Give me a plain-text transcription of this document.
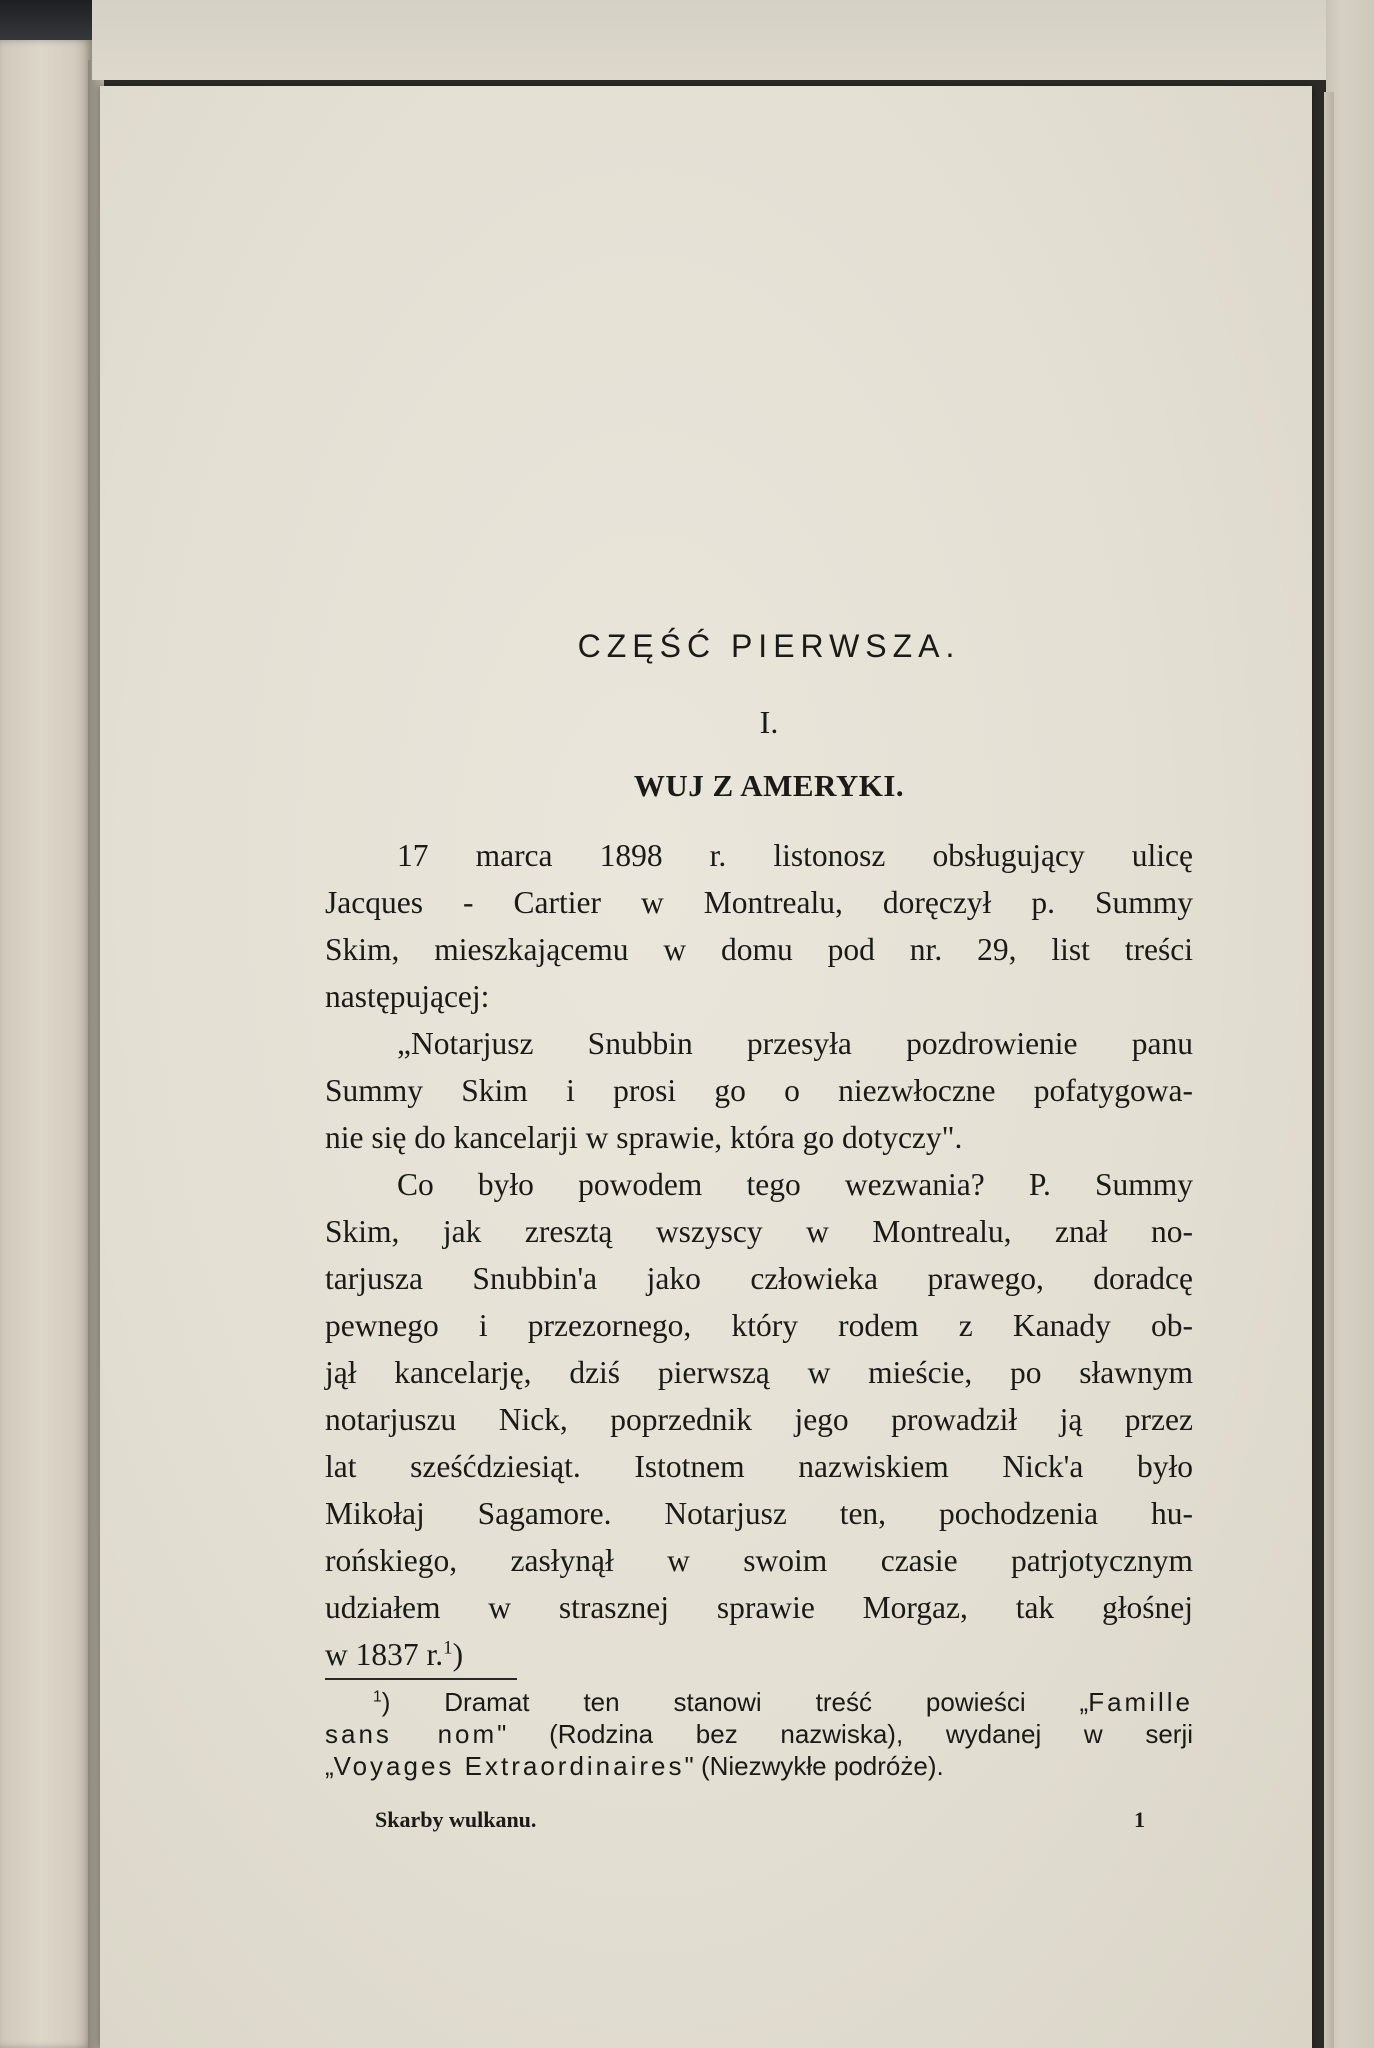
CZĘŚĆ PIERWSZA.
I.
WUJ Z AMERYKI.

17 marca 1898 r. listonosz obsługujący ulicę
Jacques - Cartier w Montrealu, doręczył p. Summy
Skim, mieszkającemu w domu pod nr. 29, list treści
następującej:

„Notarjusz Snubbin przesyła pozdrowienie panu
Summy Skim i prosi go o niezwłoczne pofatygowa-
nie się do kancelarji w sprawie, która go dotyczy".

Co było powodem tego wezwania? P. Summy
Skim, jak zresztą wszyscy w Montrealu, znał no-
tarjusza Snubbin'a jako człowieka prawego, doradcę
pewnego i przezornego, który rodem z Kanady ob-
jął kancelarję, dziś pierwszą w mieście, po sławnym
notarjuszu Nick, poprzednik jego prowadził ją przez
lat sześćdziesiąt. Istotnem nazwiskiem Nick'a było
Mikołaj Sagamore. Notarjusz ten, pochodzenia hu-
rońskiego, zasłynął w swoim czasie patrjotycznym
udziałem w strasznej sprawie Morgaz, tak głośnej
w 1837 r.$^1$)

$^1$) Dramat ten stanowi treść powieści „Famille
sans nom" (Rodzina bez nazwiska), wydanej w serji
„Voyages Extraordinaires" (Niezwykłe podróże).
Skarby wulkanu.	1
